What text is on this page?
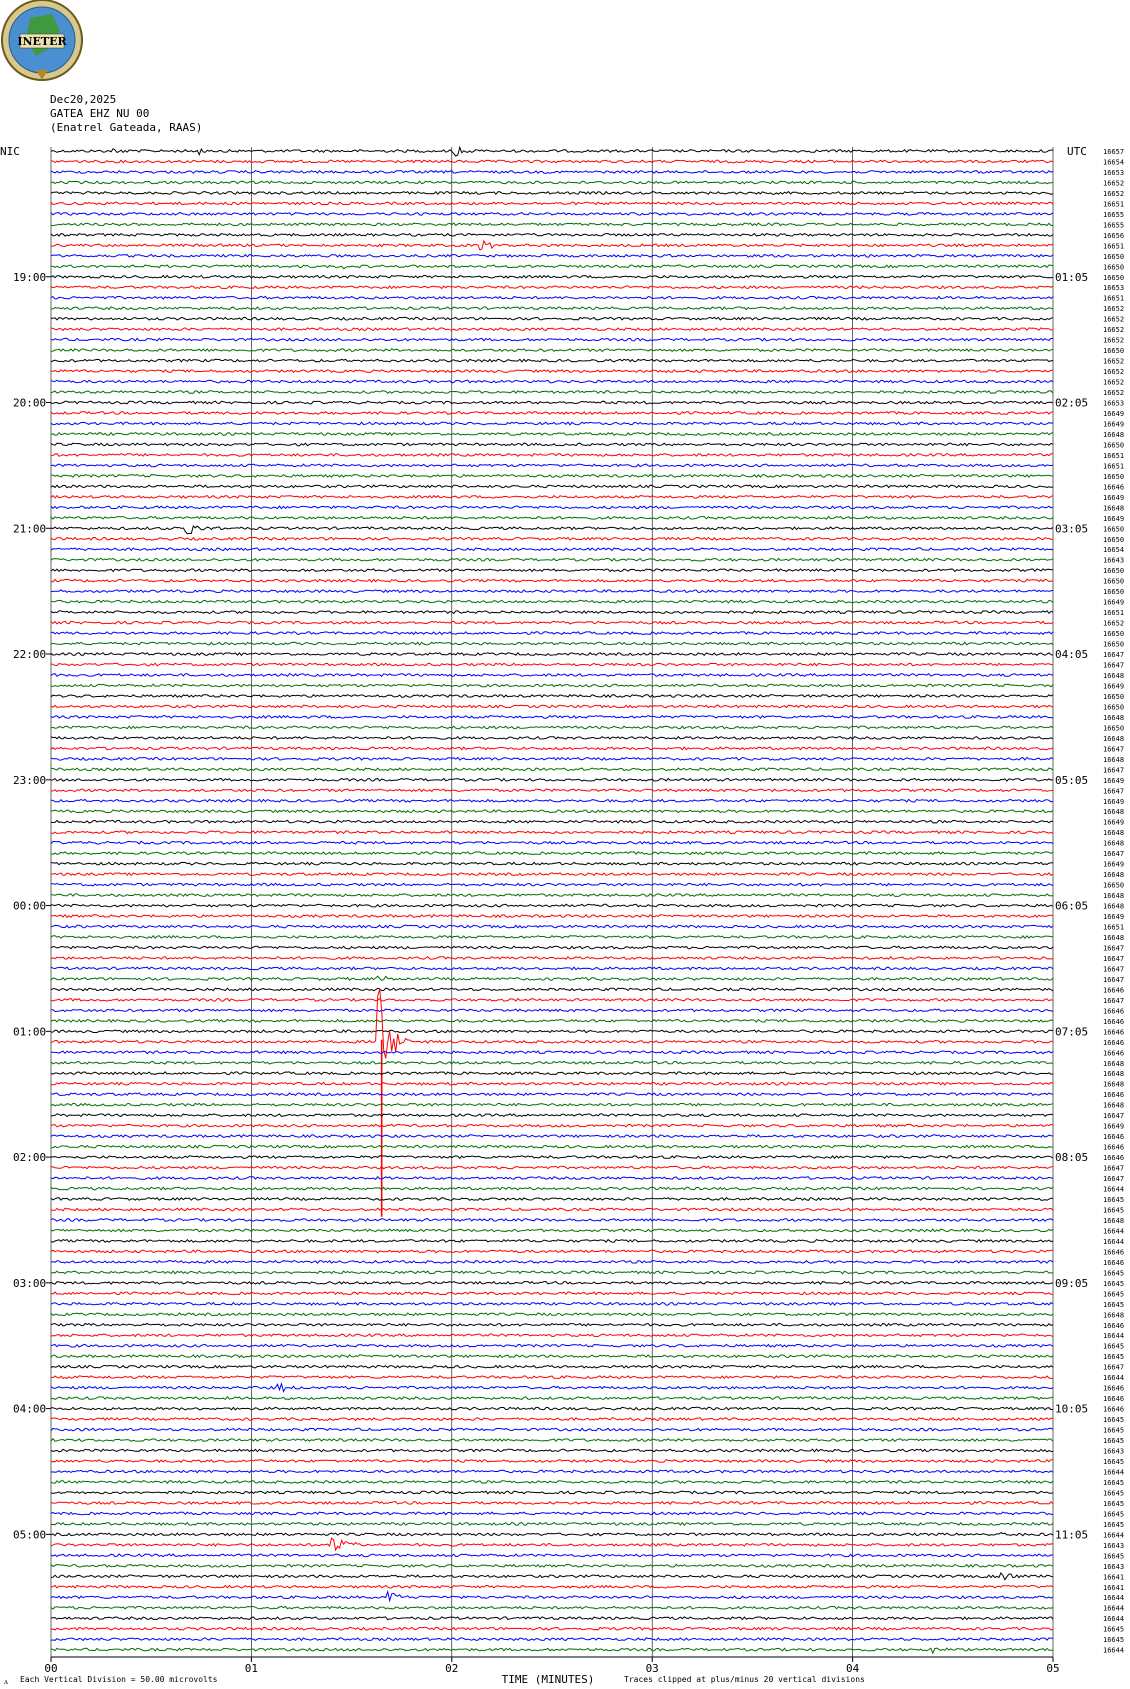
INETER
Dec20,2025
GATEA EHZ NU 00
(Enatrel Gateada, RAAS)
NIC	UTC
19:00
20:00
21:00
22:00
23:00
00:00
01:00
02:00
03:00
04:00
05:00
01:05
02:05
03:05
04:05
05:05
06:05
07:05
08:05
09:05
10:05
11:05
16657
16654
16653
16652
16652
16651
16655
16655
16656
16651
16650
16650
16650
16653
16651
16652
16652
16652
16652
16650
16652
16652
16652
16652
16653
16649
16649
16648
16650
16651
16651
16650
16646
16649
16648
16649
16650
16650
16654
16643
16650
16650
16650
16649
16651
16652
16650
16650
16647
16647
16648
16649
16650
16650
16648
16650
16648
16647
16648
16647
16649
16647
16649
16648
16649
16648
16648
16647
16649
16648
16650
16648
16648
16649
16651
16648
16647
16647
16647
16647
16646
16647
16646
16646
16646
16646
16646
16648
16648
16648
16646
16648
16647
16649
16646
16646
16646
16647
16647
16644
16645
16645
16648
16644
16644
16646
16646
16645
16645
16645
16645
16648
16646
16644
16645
16645
16647
16644
16646
16646
16646
16645
16645
16645
16643
16645
16644
16645
16645
16645
16645
16645
16644
16643
16645
16643
16641
16641
16644
16644
16644
16645
16645
16644
00	01	02	03	04	05
TIME (MINUTES)
ᴧ Each Vertical Division = 50.00 microvolts	Traces clipped at plus/minus 20 vertical divisions
